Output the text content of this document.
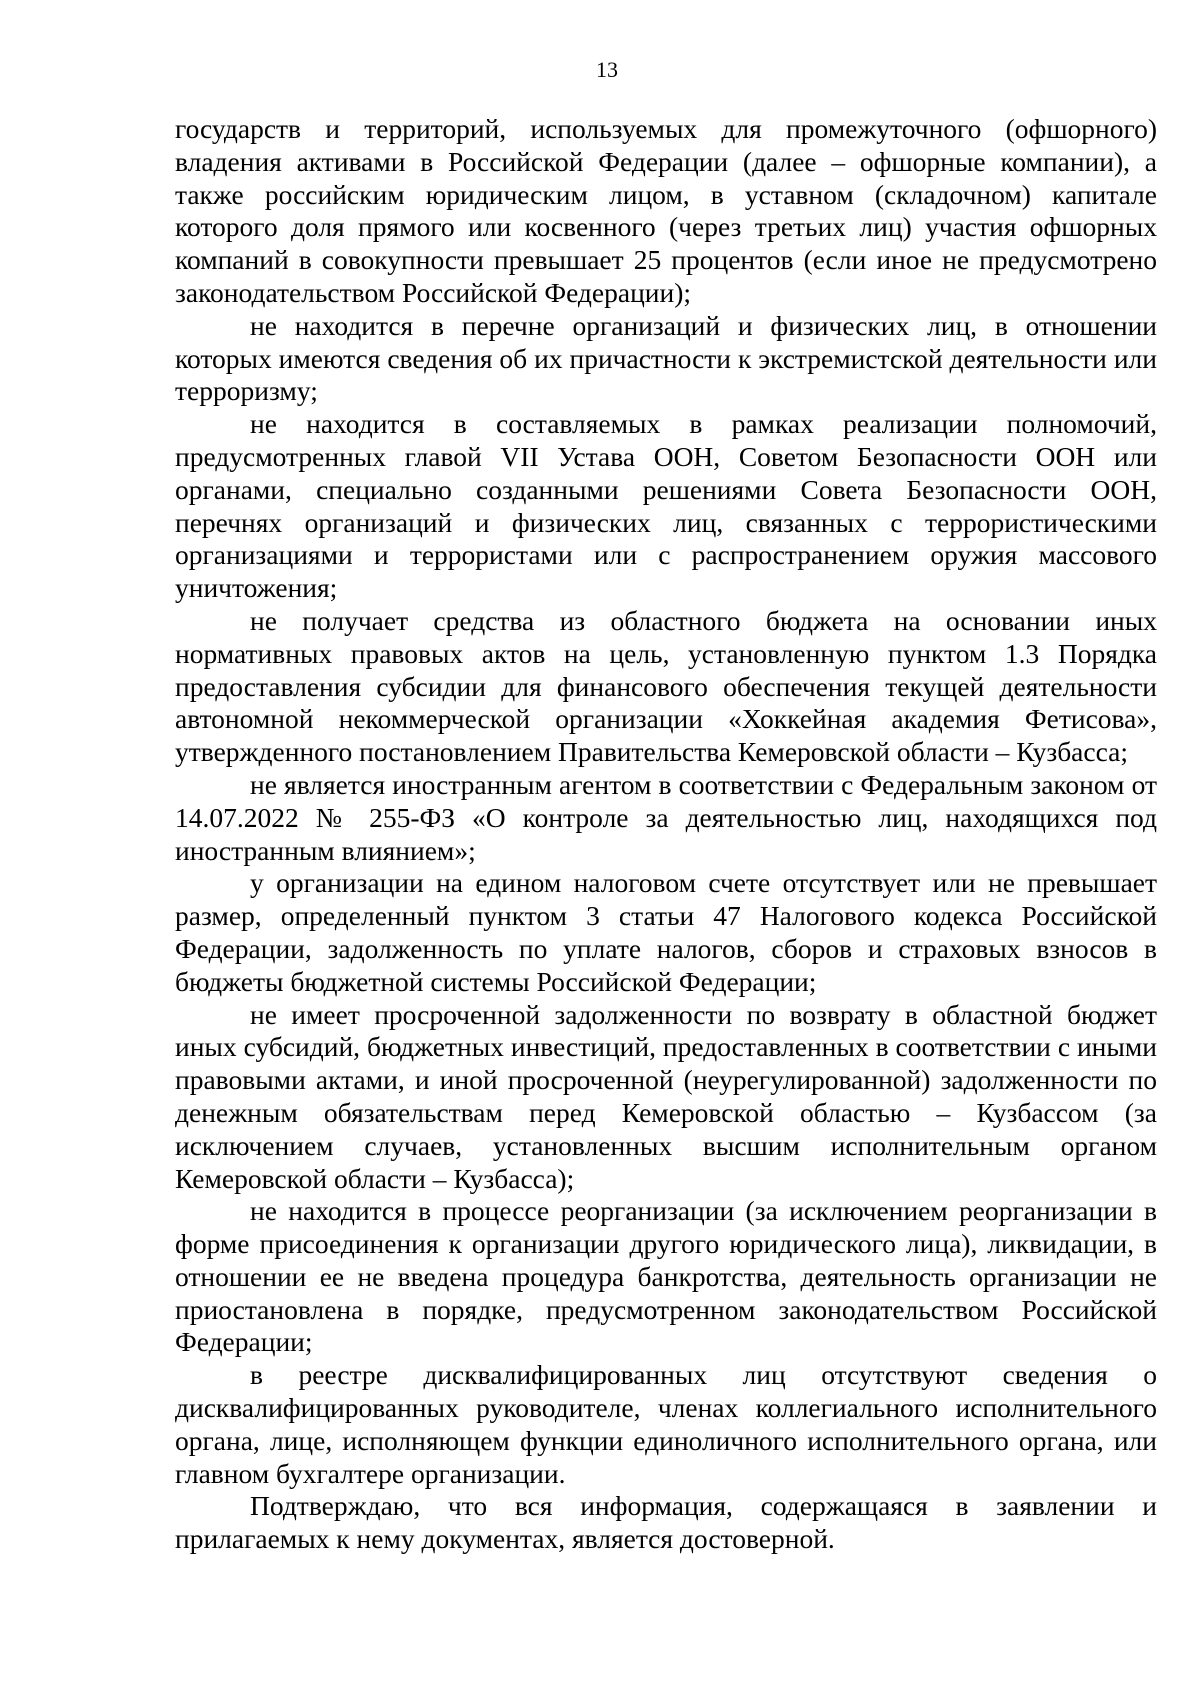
13

государств и территорий, используемых для промежуточного (офшорного) владения активами в Российской Федерации (далее – офшорные компании), а также российским юридическим лицом, в уставном (складочном) капитале которого доля прямого или косвенного (через третьих лиц) участия офшорных компаний в совокупности превышает 25 процентов (если иное не предусмотрено законодательством Российской Федерации);

не находится в перечне организаций и физических лиц, в отношении которых имеются сведения об их причастности к экстремистской деятельности или терроризму;

не находится в составляемых в рамках реализации полномочий, предусмотренных главой VII Устава ООН, Советом Безопасности ООН или органами, специально созданными решениями Совета Безопасности ООН, перечнях организаций и физических лиц, связанных с террористическими организациями и террористами или с распространением оружия массового уничтожения;

не получает средства из областного бюджета на основании иных нормативных правовых актов на цель, установленную пунктом 1.3 Порядка предоставления субсидии для финансового обеспечения текущей деятельности автономной некоммерческой организации «Хоккейная академия Фетисова», утвержденного постановлением Правительства Кемеровской области – Кузбасса;

не является иностранным агентом в соответствии с Федеральным законом от 14.07.2022 № 255-ФЗ «О контроле за деятельностью лиц, находящихся под иностранным влиянием»;

у организации на едином налоговом счете отсутствует или не превышает размер, определенный пунктом 3 статьи 47 Налогового кодекса Российской Федерации, задолженность по уплате налогов, сборов и страховых взносов в бюджеты бюджетной системы Российской Федерации;

не имеет просроченной задолженности по возврату в областной бюджет иных субсидий, бюджетных инвестиций, предоставленных в соответствии с иными правовыми актами, и иной просроченной (неурегулированной) задолженности по денежным обязательствам перед Кемеровской областью – Кузбассом (за исключением случаев, установленных высшим исполнительным органом Кемеровской области – Кузбасса);

не находится в процессе реорганизации (за исключением реорганизации в форме присоединения к организации другого юридического лица), ликвидации, в отношении ее не введена процедура банкротства, деятельность организации не приостановлена в порядке, предусмотренном законодательством Российской Федерации;

в реестре дисквалифицированных лиц отсутствуют сведения о дисквалифицированных руководителе, членах коллегиального исполнительного органа, лице, исполняющем функции единоличного исполнительного органа, или главном бухгалтере организации.

Подтверждаю, что вся информация, содержащаяся в заявлении и прилагаемых к нему документах, является достоверной.
